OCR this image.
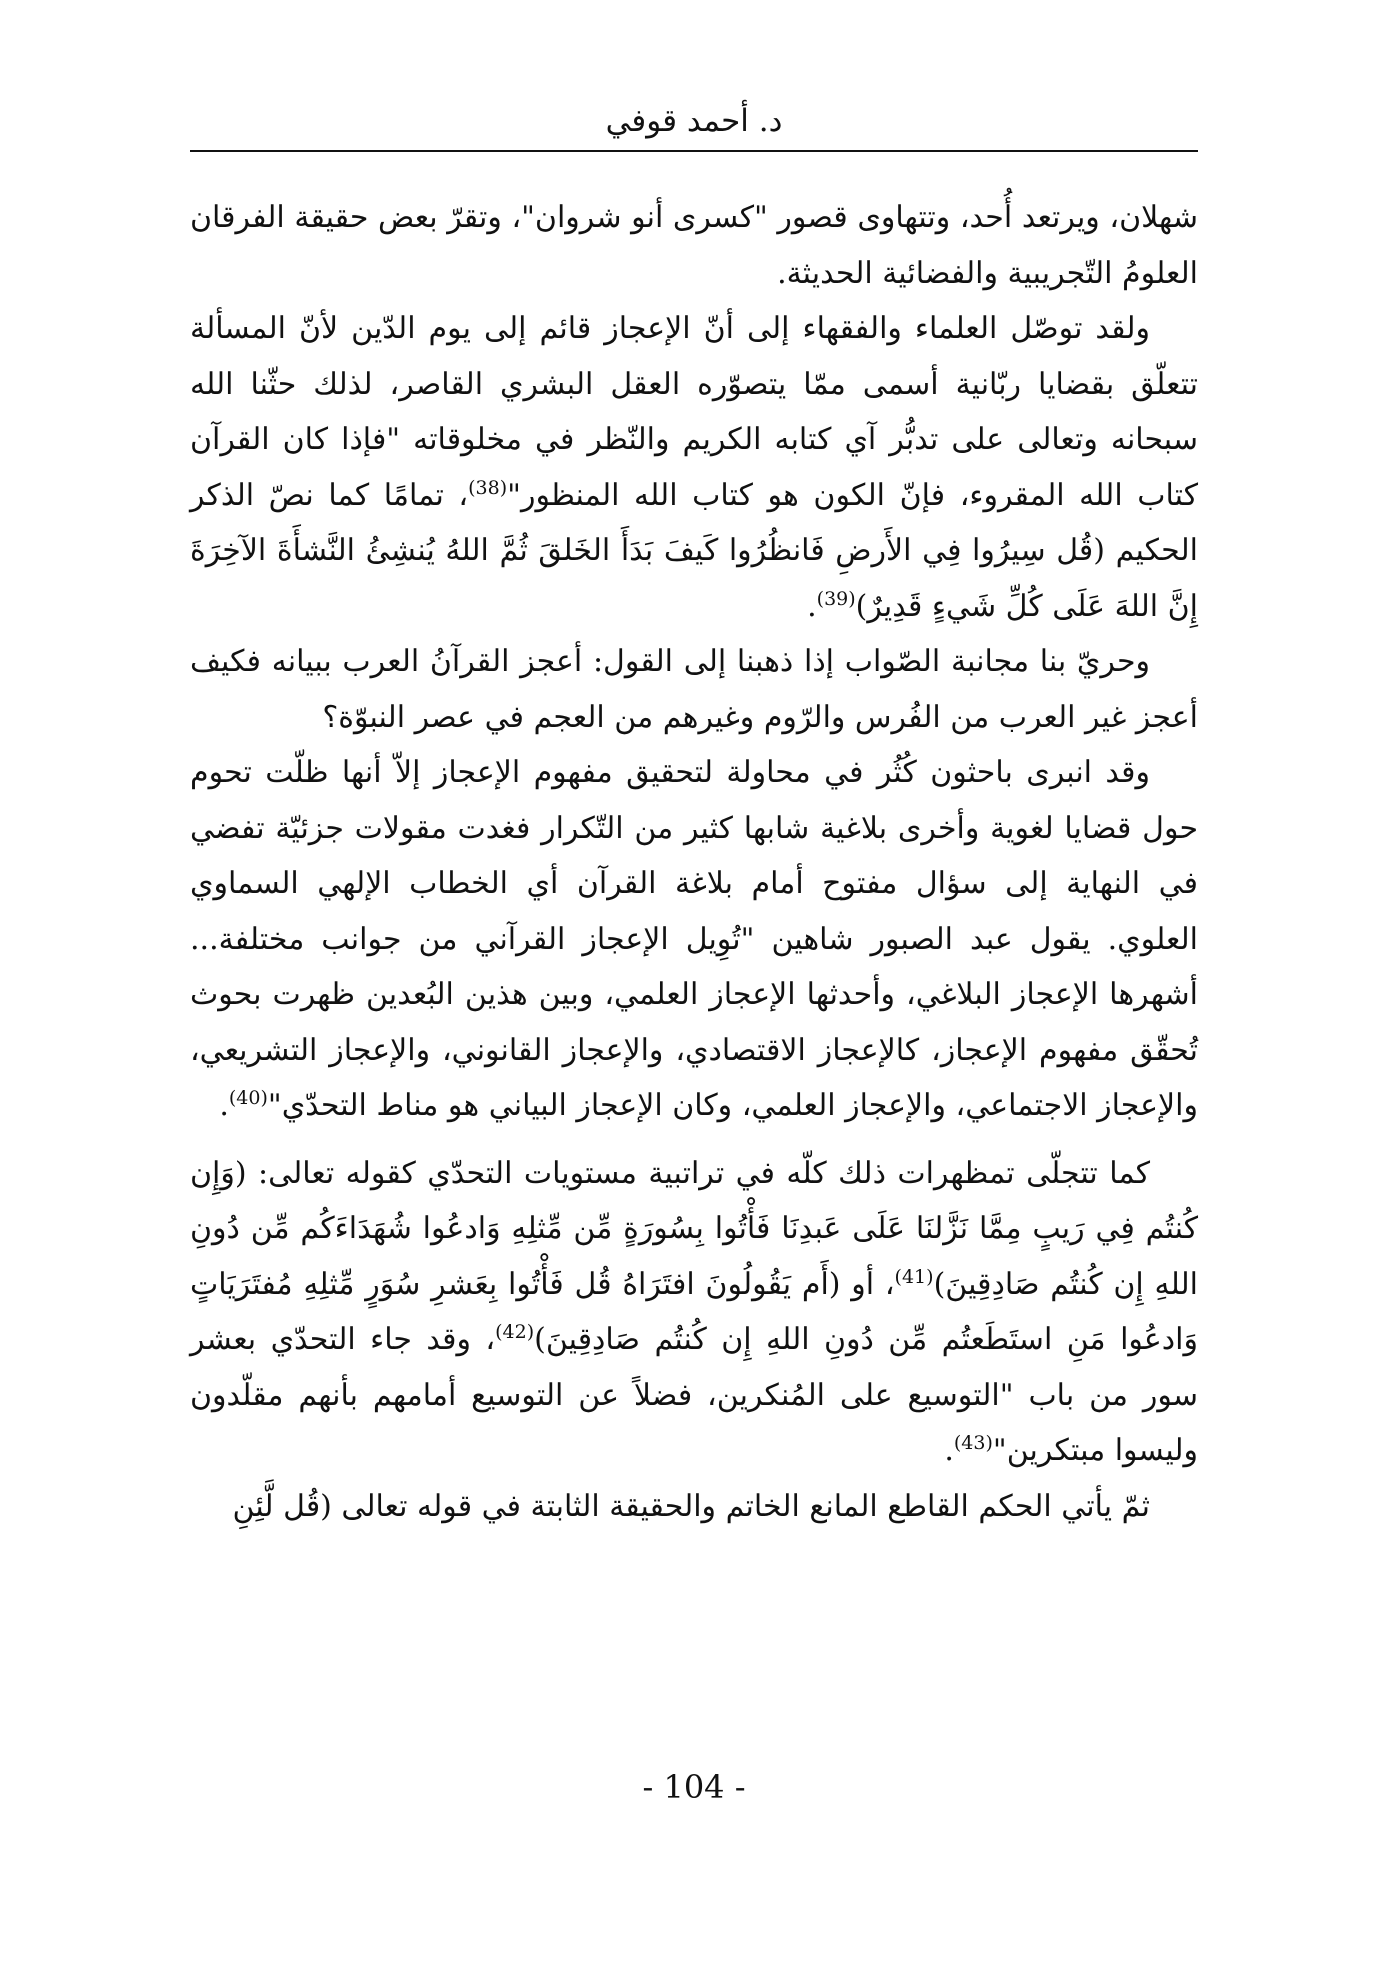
د. أحمد قوفي

شهلان، ويرتعد أُحد، وتتهاوى قصور "كسرى أنو شروان"، وتقرّ بعض حقيقة الفرقان العلومُ التّجريبية والفضائية الحديثة.

ولقد توصّل العلماء والفقهاء إلى أنّ الإعجاز قائم إلى يوم الدّين لأنّ المسألة تتعلّق بقضايا ربّانية أسمى ممّا يتصوّره العقل البشري القاصر، لذلك حثّنا الله سبحانه وتعالى على تدبُّر آي كتابه الكريم والنّظر في مخلوقاته "فإذا كان القرآن كتاب الله المقروء، فإنّ الكون هو كتاب الله المنظور"$^{(38)}$، تمامًا كما نصّ الذكر الحكيم (قُل سِيرُوا فِي الأَرضِ فَانظُرُوا كَيفَ بَدَأَ الخَلقَ ثُمَّ اللهُ يُنشِئُ النَّشأَةَ الآخِرَةَ إِنَّ اللهَ عَلَى كُلِّ شَيءٍ قَدِيرٌ)$^{(39)}$.

وحريّ بنا مجانبة الصّواب إذا ذهبنا إلى القول: أعجز القرآنُ العرب ببيانه فكيف أعجز غير العرب من الفُرس والرّوم وغيرهم من العجم في عصر النبوّة؟

وقد انبرى باحثون كُثُر في محاولة لتحقيق مفهوم الإعجاز إلاّ أنها ظلّت تحوم حول قضايا لغوية وأخرى بلاغية شابها كثير من التّكرار فغدت مقولات جزئيّة تفضي في النهاية إلى سؤال مفتوح أمام بلاغة القرآن أي الخطاب الإلهي السماوي العلوي. يقول عبد الصبور شاهين "تُوِيل الإعجاز القرآني من جوانب مختلفة... أشهرها الإعجاز البلاغي، وأحدثها الإعجاز العلمي، وبين هذين البُعدين ظهرت بحوث تُحقّق مفهوم الإعجاز، كالإعجاز الاقتصادي، والإعجاز القانوني، والإعجاز التشريعي، والإعجاز الاجتماعي، والإعجاز العلمي، وكان الإعجاز البياني هو مناط التحدّي"$^{(40)}$.

كما تتجلّى تمظهرات ذلك كلّه في تراتبية مستويات التحدّي كقوله تعالى: (وَإِن كُنتُم فِي رَيبٍ مِمَّا نَزَّلنَا عَلَى عَبدِنَا فَأْتُوا بِسُورَةٍ مِّن مِّثلِهِ وَادعُوا شُهَدَاءَكُم مِّن دُونِ اللهِ إِن كُنتُم صَادِقِينَ)$^{(41)}$، أو (أَم يَقُولُونَ افتَرَاهُ قُل فَأْتُوا بِعَشرِ سُوَرٍ مِّثلِهِ مُفتَرَيَاتٍ وَادعُوا مَنِ استَطَعتُم مِّن دُونِ اللهِ إِن كُنتُم صَادِقِينَ)$^{(42)}$، وقد جاء التحدّي بعشر سور من باب "التوسيع على المُنكرين، فضلاً عن التوسيع أمامهم بأنهم مقلّدون وليسوا مبتكرين"$^{(43)}$.

ثمّ يأتي الحكم القاطع المانع الخاتم والحقيقة الثابتة في قوله تعالى (قُل لَّئِنِ

- 104 -
